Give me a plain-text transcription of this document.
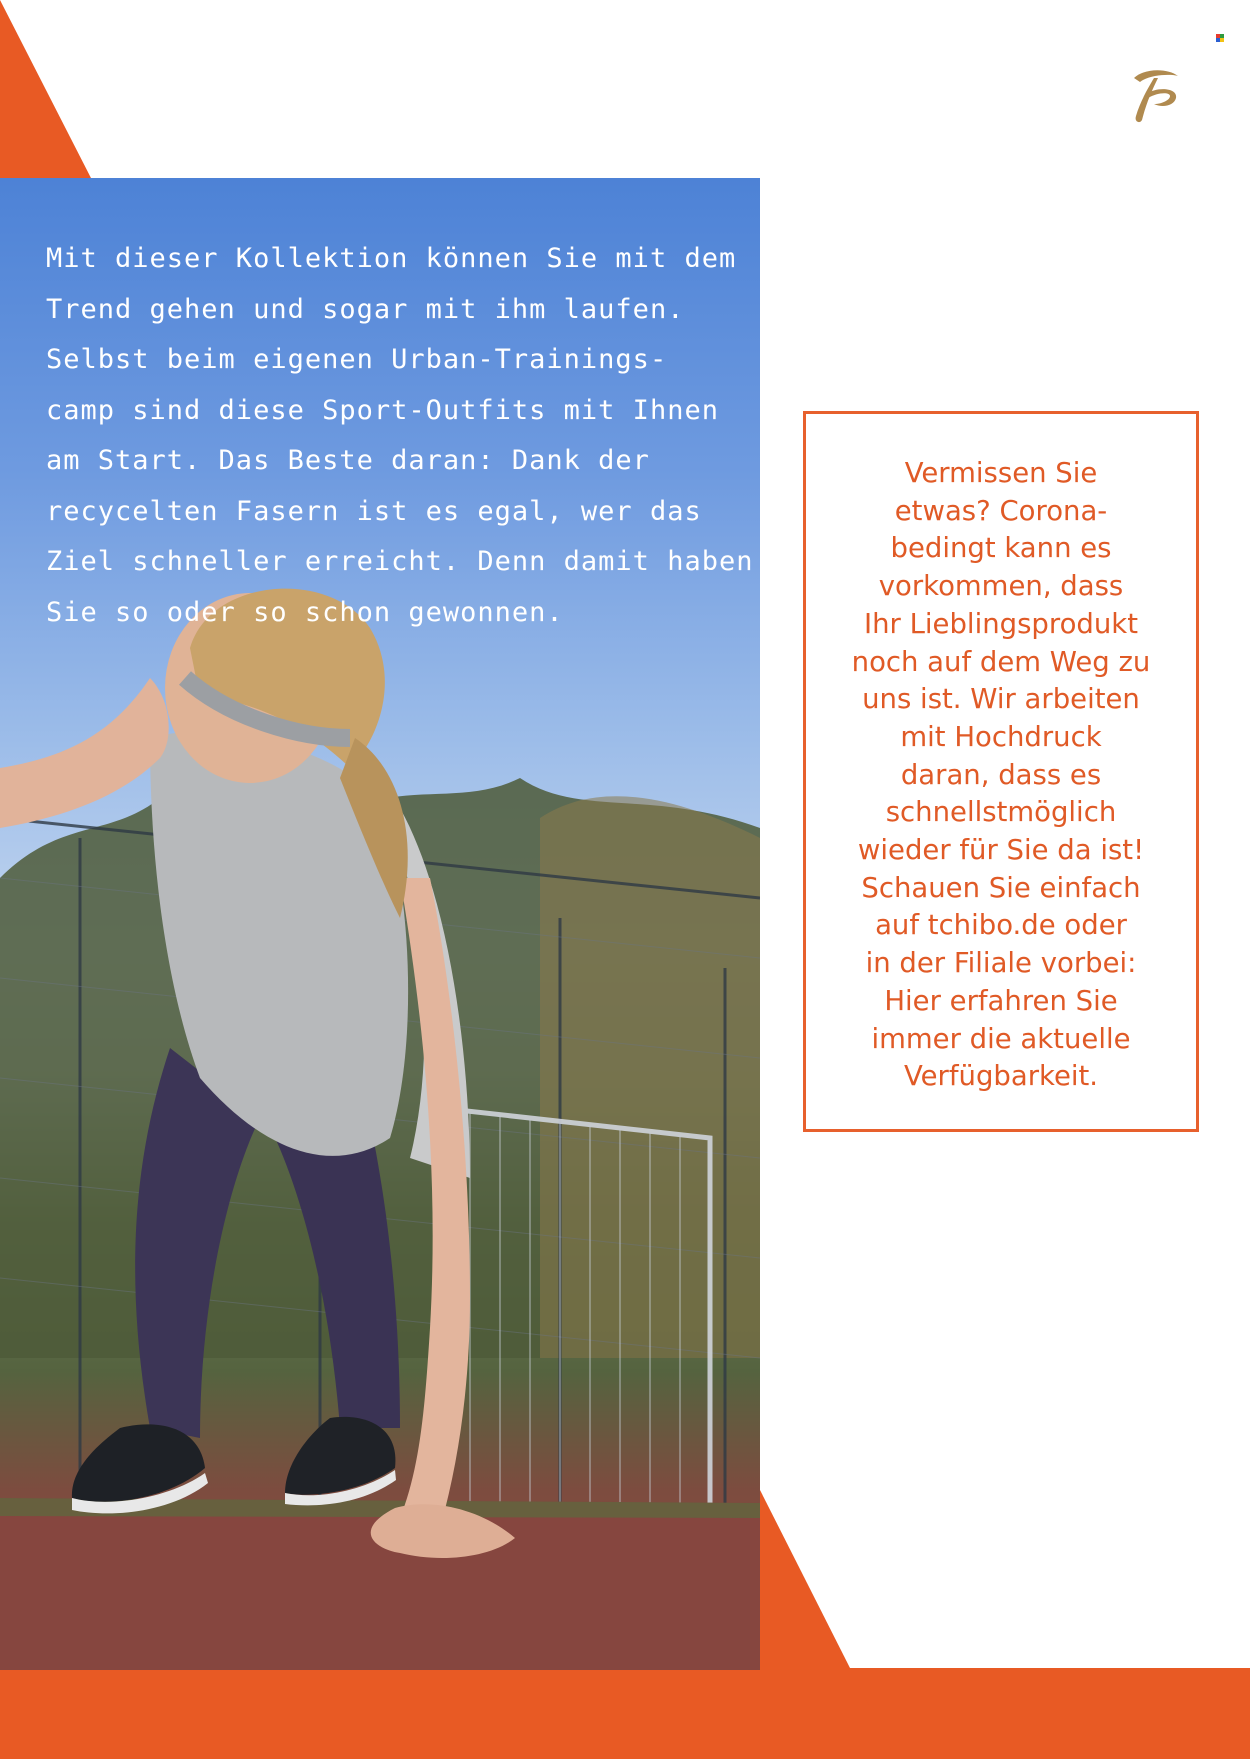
Mit dieser Kollektion können Sie mit dem
Trend gehen und sogar mit ihm laufen.
Selbst beim eigenen Urban-Trainings-
camp sind diese Sport-Outfits mit Ihnen
am Start. Das Beste daran: Dank der
recycelten Fasern ist es egal, wer das
Ziel schneller erreicht. Denn damit haben
Sie so oder so schon gewonnen.

Vermissen Sie
etwas? Corona-
bedingt kann es
vorkommen, dass
Ihr Lieblingsprodukt
noch auf dem Weg zu
uns ist. Wir arbeiten
mit Hochdruck
daran, dass es
schnellstmöglich
wieder für Sie da ist!
Schauen Sie einfach
auf tchibo.de oder
in der Filiale vorbei:
Hier erfahren Sie
immer die aktuelle
Verfügbarkeit.
